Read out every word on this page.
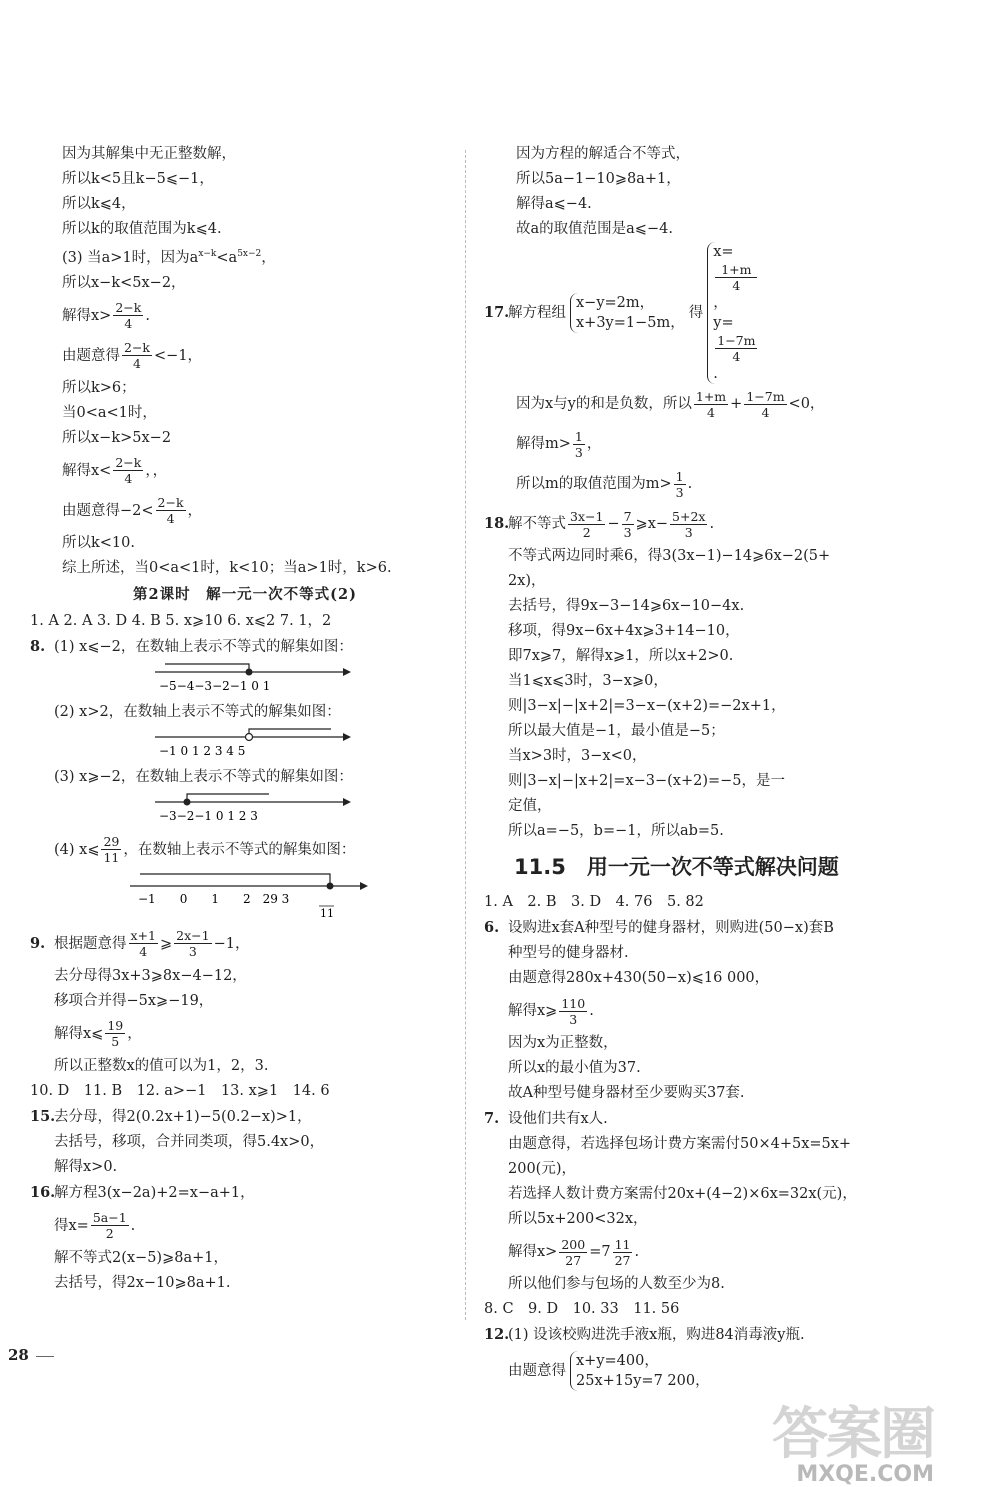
因为其解集中无正整数解，
所以k<5且k−5⩽−1，
所以k⩽4，
所以k的取值范围为k⩽4.
(3) 当a>1时，因为$a^{x-k}<a^{5x-2}$，
所以x−k<5x−2，
解得$x> \frac{2-k}{4}$ .
由题意得 $\frac{2-k}{4} <-1$，
所以k>6；
当0<a<1时，
所以x−k>5x−2
解得$x< \frac{2-k}{4}$ ，，
由题意得$-2< \frac{2-k}{4}$ ，
所以k<10.
综上所述，当0<a<1时，k<10；当a>1时，k>6.
第2课时　解一元一次不等式(2)
1. A 2. A 3. D 4. B 5. x⩾10 6. x⩽2 7. 1，2
8. (1) x⩽−2，在数轴上表示不等式的解集如图：
−5−4−3−2−1 0 1
(2) x>2，在数轴上表示不等式的解集如图：
−1 0 1 2 3 4 5
(3) x⩾−2，在数轴上表示不等式的解集如图：
−3−2−1 0 1 2 3
(4) x⩽ $\frac{29}{11}$ ，在数轴上表示不等式的解集如图：
−1　　0　　1　　2　29 3
11
9. 根据题意得 $\frac{x+1}{4}$ ⩾ $\frac{2x-1}{3} -1$，
去分母得3x+3⩾8x−4−12，
移项合并得−5x⩾−19，
解得x⩽ $\frac{19}{5}$ ，
所以正整数x的值可以为1，2，3.
10. D　11. B　12. a>−1　13. x⩾1　14. 6
15.去分母，得2(0.2x+1)−5(0.2−x)>1，
去括号，移项，合并同类项，得5.4x>0，
解得x>0.
16.解方程3(x−2a)+2=x−a+1，
得$x= \frac{5a-1}{2}$ .
解不等式2(x−5)⩾8a+1，
去括号，得2x−10⩾8a+1.
因为方程的解适合不等式，
所以5a−1−10⩾8a+1，
解得a⩽−4.
故a的取值范围是a⩽−4.
17.解方程组
x−y=2m，
x+3y=1−5m，
得
x=
1+m
4
，
y=
1−7m
4
.
因为x与y的和是负数，所以 $\frac{1+m}{4} + \frac{1-7m}{4} <0$，
解得$m> \frac{1}{3}$ ，
所以m的取值范围为$m> \frac{1}{3}$ .
18.解不等式 $\frac{3x-1}{2} - \frac{7}{3}$ ⩾x− $\frac{5+2x}{3}$ .
不等式两边同时乘6，得3(3x−1)−14⩾6x−2(5+
2x)，
去括号，得9x−3−14⩾6x−10−4x.
移项，得9x−6x+4x⩾3+14−10，
即7x⩾7，解得x⩾1，所以x+2>0.
当1⩽x⩽3时，3−x⩾0，
则|3−x|−|x+2|=3−x−(x+2)=−2x+1，
所以最大值是−1，最小值是−5；
当x>3时，3−x<0，
则|3−x|−|x+2|=x−3−(x+2)=−5，是一
定值，
所以a=−5，b=−1，所以ab=5.
11.5　用一元一次不等式解决问题
1. A　2. B　3. D　4. 76　5. 82
6. 设购进x套A种型号的健身器材，则购进(50−x)套B
种型号的健身器材.
由题意得280x+430(50−x)⩽16 000，
解得x⩾ $\frac{110}{3}$ .
因为x为正整数，
所以x的最小值为37.
故A种型号健身器材至少要购买37套.
7. 设他们共有x人.
由题意得，若选择包场计费方案需付50×4+5x=5x+
200(元)，
若选择人数计费方案需付20x+(4−2)×6x=32x(元)，
所以5x+200<32x，
解得$x> \frac{200}{27} =7 \frac{11}{27}$ .
所以他们参与包场的人数至少为8.
8. C　9. D　10. 33　11. 56
12.(1) 设该校购进洗手液x瓶，购进84消毒液y瓶.
由题意得
x+y=400，
25x+15y=7 200，
28
答案圈
MXQE.COM
